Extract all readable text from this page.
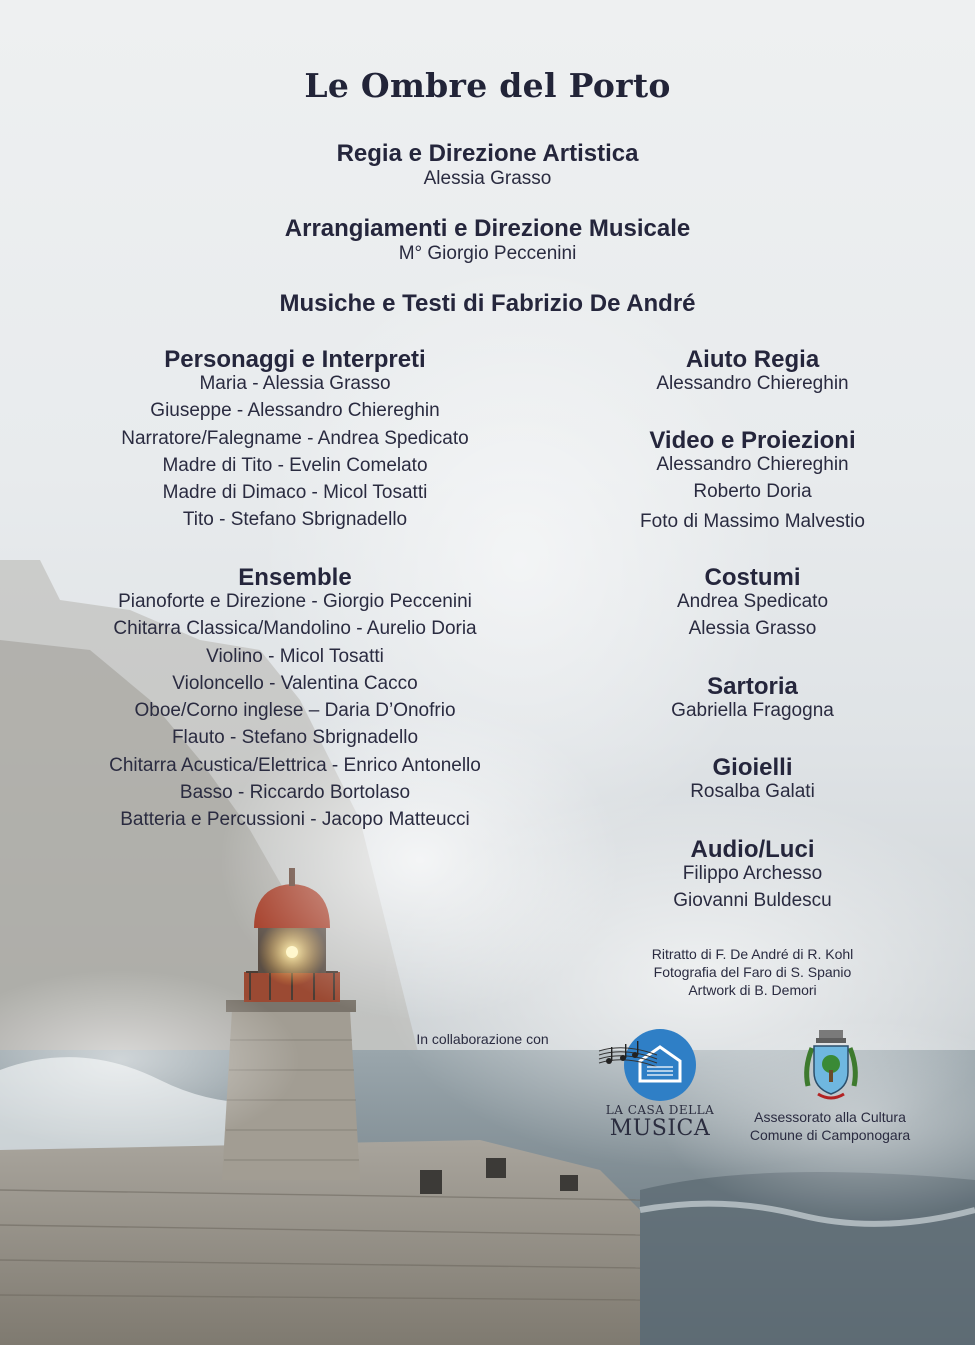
Le Ombre del Porto
Regia e Direzione Artistica
Alessia Grasso
Arrangiamenti e Direzione Musicale
M° Giorgio Peccenini
Musiche e Testi di Fabrizio De André
Personaggi e Interpreti
Maria - Alessia Grasso
Giuseppe - Alessandro Chiereghin
Narratore/Falegname - Andrea Spedicato
Madre di Tito - Evelin Comelato
Madre di Dimaco - Micol Tosatti
Tito - Stefano Sbrignadello
Ensemble
Pianoforte e Direzione - Giorgio Peccenini
Chitarra Classica/Mandolino - Aurelio Doria
Violino - Micol Tosatti
Violoncello - Valentina Cacco
Oboe/Corno inglese – Daria D’Onofrio
Flauto - Stefano Sbrignadello
Chitarra Acustica/Elettrica - Enrico Antonello
Basso - Riccardo Bortolaso
Batteria e Percussioni - Jacopo Matteucci
Aiuto Regia
Alessandro Chiereghin
Video e Proiezioni
Alessandro Chiereghin
Roberto Doria
Foto di Massimo Malvestio
Costumi
Andrea Spedicato
Alessia Grasso
Sartoria
Gabriella Fragogna
Gioielli
Rosalba Galati
Audio/Luci
Filippo Archesso
Giovanni Buldescu
Ritratto di F. De André di R. Kohl
Fotografia del Faro di S. Spanio
Artwork di B. Demori
In collaborazione con
LA CASA DELLA
MUSICA	Assessorato alla Cultura
Comune di Camponogara
